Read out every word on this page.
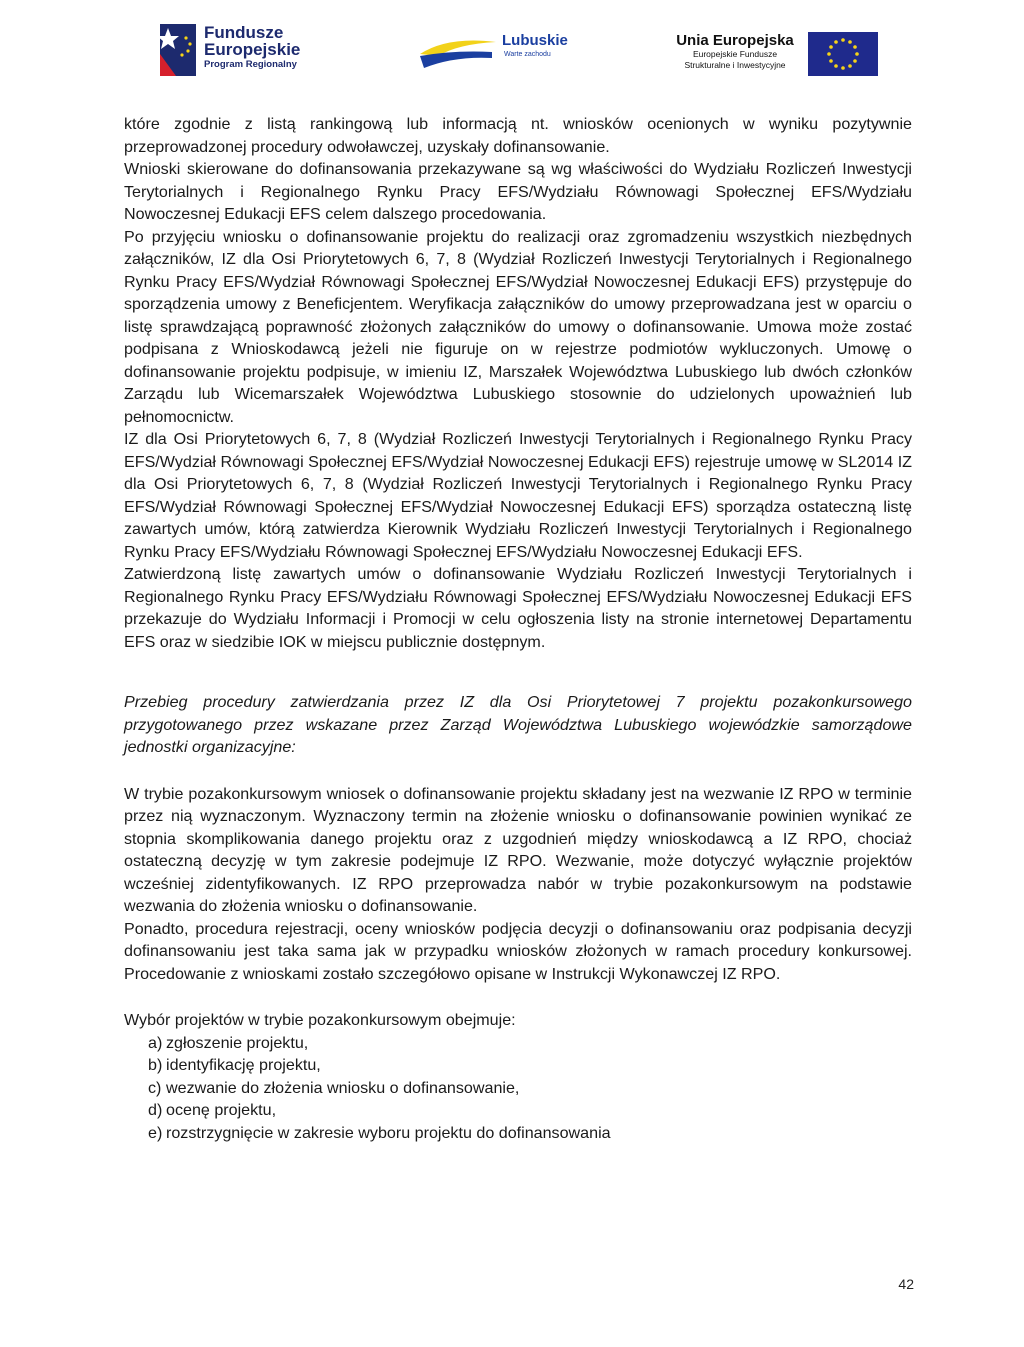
Fundusze
Europejskie
Program Regionalny
Lubuskie
Warte zachodu
Unia Europejska
Europejskie Fundusze
Strukturalne i Inwestycyjne

które zgodnie z listą rankingową lub informacją nt. wniosków ocenionych w wyniku pozytywnie przeprowadzonej procedury odwoławczej, uzyskały dofinansowanie.

Wnioski skierowane do dofinansowania przekazywane są wg właściwości do Wydziału Rozliczeń Inwestycji Terytorialnych i Regionalnego Rynku Pracy EFS/Wydziału Równowagi Społecznej EFS/Wydziału Nowoczesnej Edukacji EFS celem dalszego procedowania.

Po przyjęciu wniosku o dofinansowanie projektu do realizacji oraz zgromadzeniu wszystkich niezbędnych załączników, IZ dla Osi Priorytetowych 6, 7, 8 (Wydział Rozliczeń Inwestycji Terytorialnych i Regionalnego Rynku Pracy EFS/Wydział Równowagi Społecznej EFS/Wydział Nowoczesnej Edukacji EFS) przystępuje do sporządzenia umowy z Beneficjentem. Weryfikacja załączników do umowy przeprowadzana jest w oparciu o listę sprawdzającą poprawność złożonych załączników do umowy o dofinansowanie. Umowa może zostać podpisana z Wnioskodawcą jeżeli nie figuruje on w rejestrze podmiotów wykluczonych. Umowę o dofinansowanie projektu podpisuje, w imieniu IZ, Marszałek Województwa Lubuskiego lub dwóch członków Zarządu lub Wicemarszałek Województwa Lubuskiego stosownie do udzielonych upoważnień lub pełnomocnictw.

IZ dla Osi Priorytetowych 6, 7, 8 (Wydział Rozliczeń Inwestycji Terytorialnych i Regionalnego Rynku Pracy EFS/Wydział Równowagi Społecznej EFS/Wydział Nowoczesnej Edukacji EFS) rejestruje umowę w SL2014 IZ dla Osi Priorytetowych 6, 7, 8 (Wydział Rozliczeń Inwestycji Terytorialnych i Regionalnego Rynku Pracy EFS/Wydział Równowagi Społecznej EFS/Wydział Nowoczesnej Edukacji EFS) sporządza ostateczną listę zawartych umów, którą zatwierdza Kierownik Wydziału Rozliczeń Inwestycji Terytorialnych i Regionalnego Rynku Pracy EFS/Wydziału Równowagi Społecznej EFS/Wydziału Nowoczesnej Edukacji EFS.

Zatwierdzoną listę zawartych umów o dofinansowanie Wydziału Rozliczeń Inwestycji Terytorialnych i Regionalnego Rynku Pracy EFS/Wydziału Równowagi Społecznej EFS/Wydziału Nowoczesnej Edukacji EFS przekazuje do Wydziału Informacji i Promocji w celu ogłoszenia listy na stronie internetowej Departamentu EFS oraz w siedzibie IOK w miejscu publicznie dostępnym.

Przebieg procedury zatwierdzania przez IZ dla Osi Priorytetowej 7 projektu pozakonkursowego przygotowanego przez wskazane przez Zarząd Województwa Lubuskiego wojewódzkie samorządowe jednostki organizacyjne:

W trybie pozakonkursowym wniosek o dofinansowanie projektu składany jest na wezwanie IZ RPO w terminie przez nią wyznaczonym. Wyznaczony termin na złożenie wniosku o dofinansowanie powinien wynikać ze stopnia skomplikowania danego projektu oraz z uzgodnień między wnioskodawcą a IZ RPO, chociaż ostateczną decyzję w tym zakresie podejmuje IZ RPO. Wezwanie, może dotyczyć wyłącznie projektów wcześniej zidentyfikowanych. IZ RPO przeprowadza nabór w trybie pozakonkursowym na podstawie wezwania do złożenia wniosku o dofinansowanie.

Ponadto, procedura rejestracji, oceny wniosków podjęcia decyzji o dofinansowaniu oraz podpisania decyzji dofinansowaniu jest taka sama jak w przypadku wniosków złożonych w ramach procedury konkursowej. Procedowanie z wnioskami zostało szczegółowo opisane w Instrukcji Wykonawczej IZ RPO.

Wybór projektów w trybie pozakonkursowym obejmuje:

a) zgłoszenie projektu,
b) identyfikację projektu,
c) wezwanie do złożenia wniosku o dofinansowanie,
d) ocenę projektu,
e) rozstrzygnięcie w zakresie wyboru projektu do dofinansowania
42
